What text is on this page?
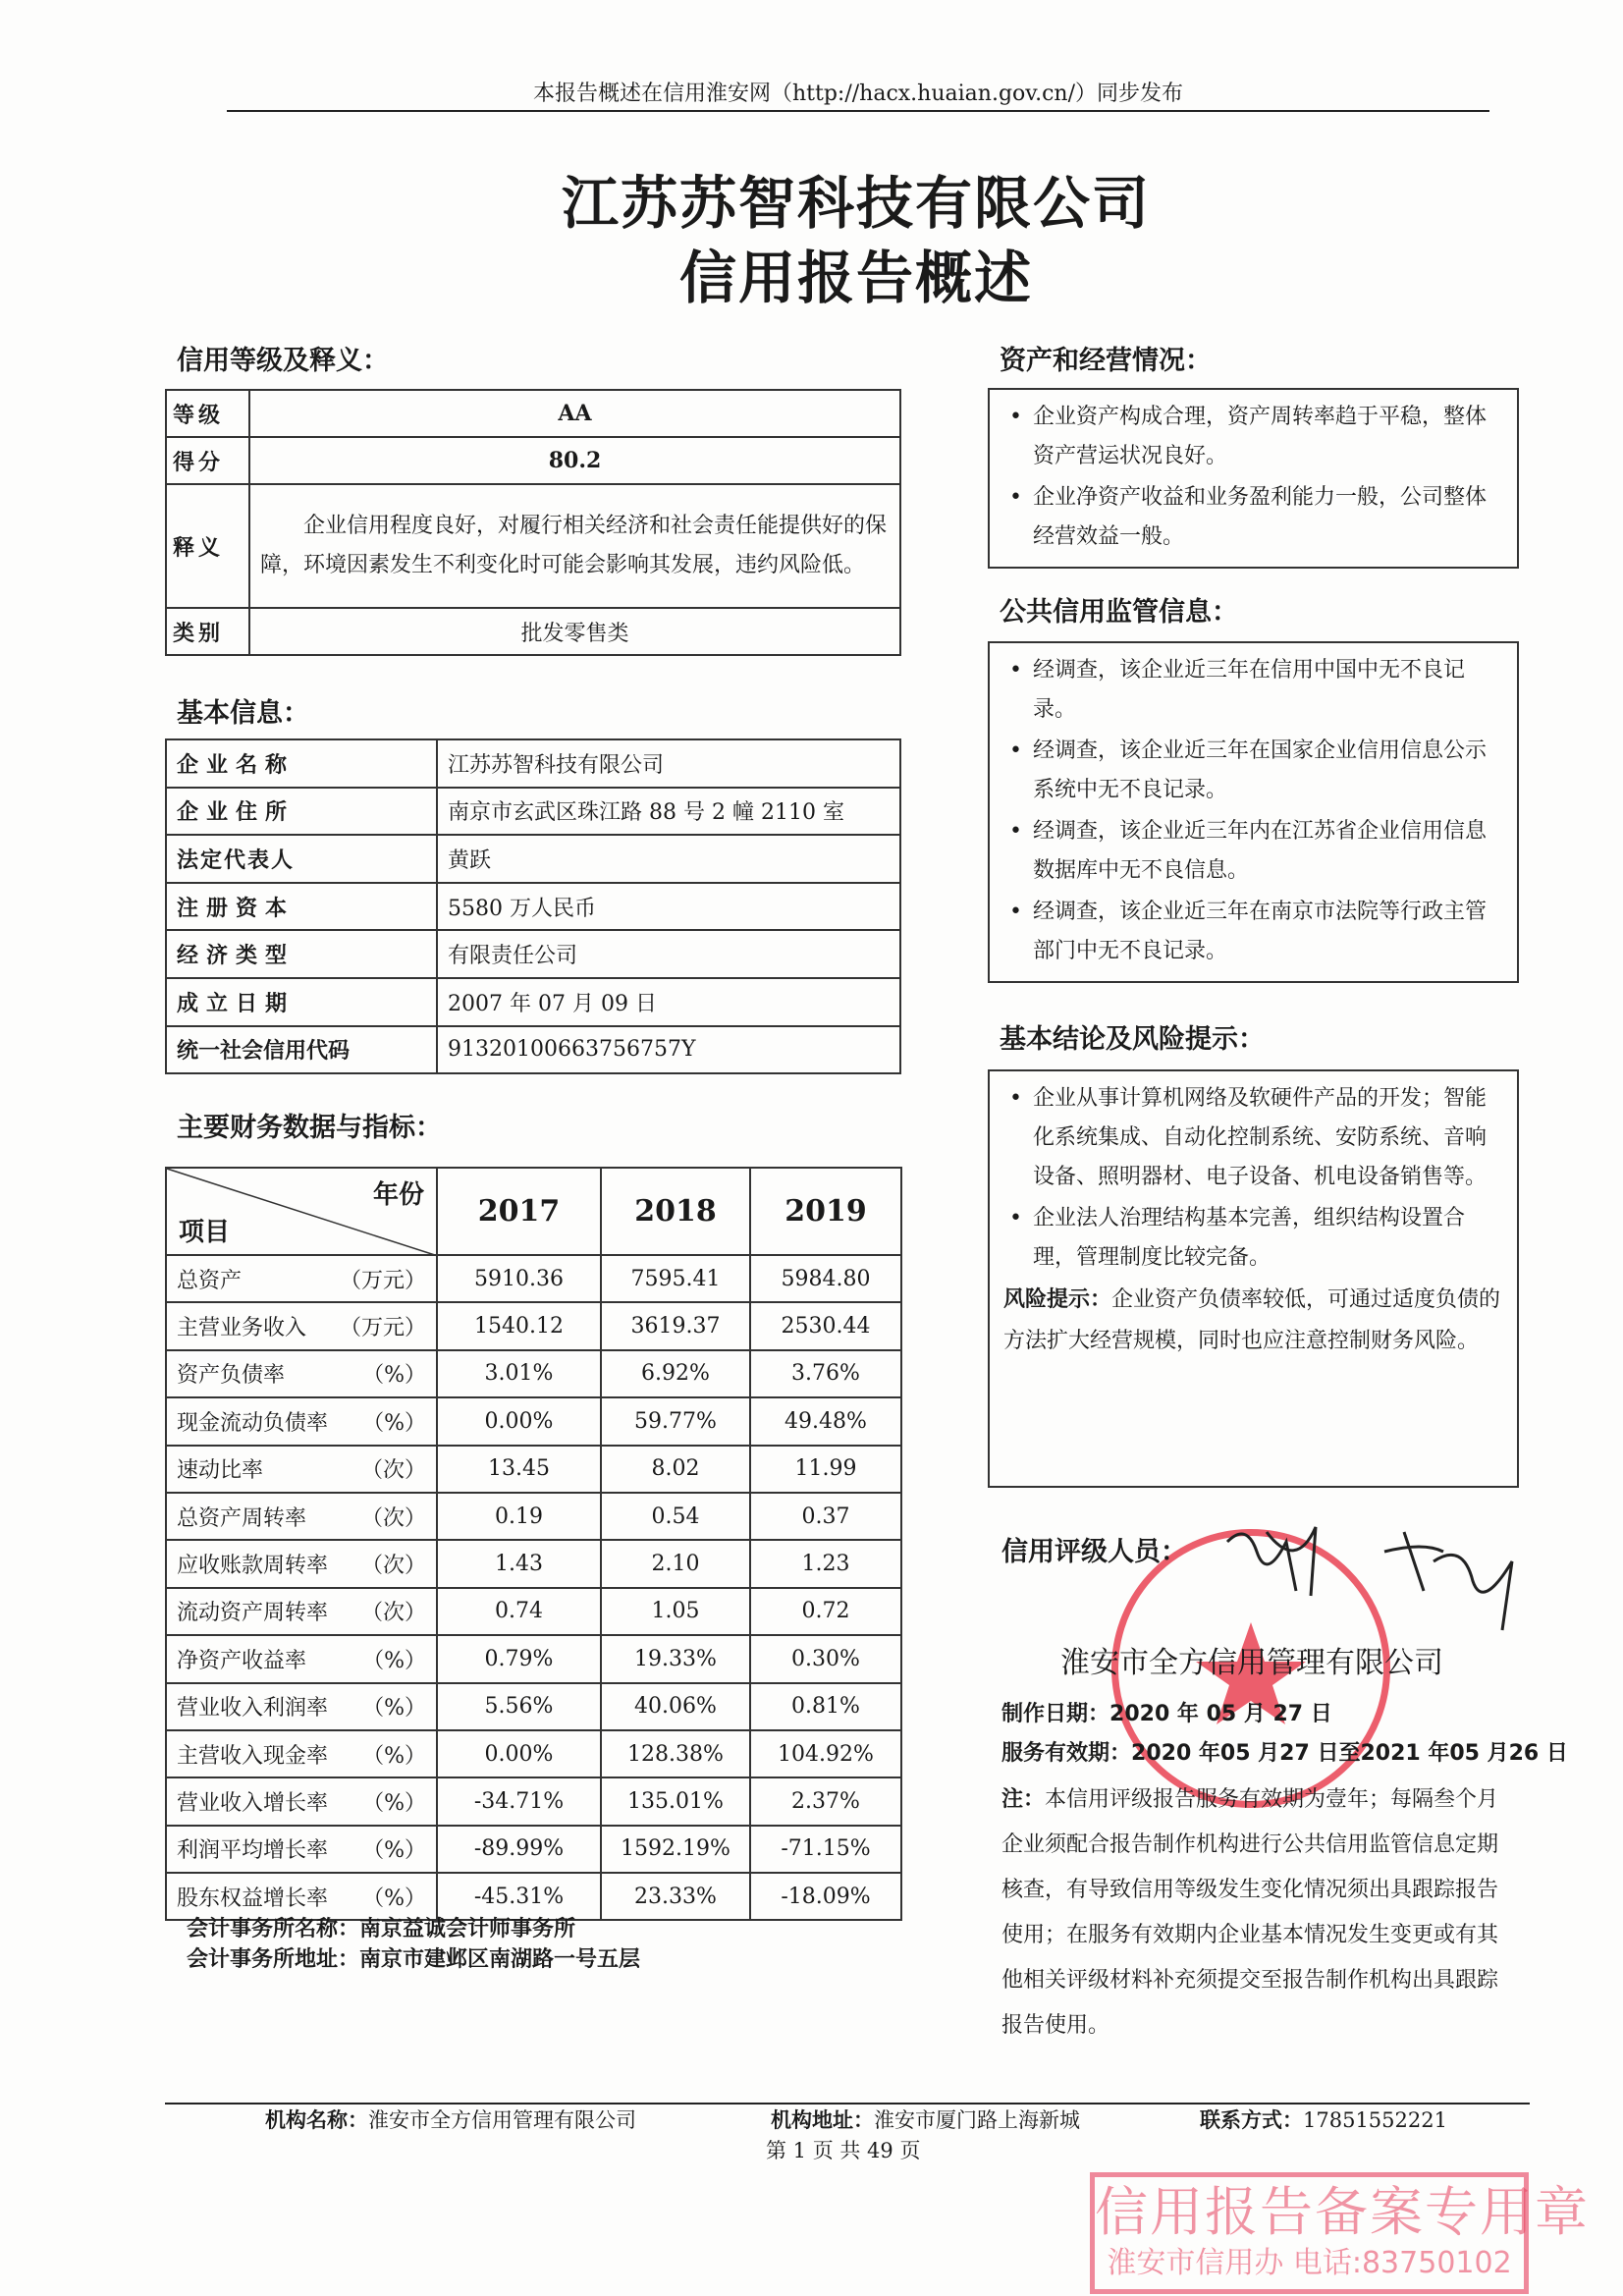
本报告概述在信用淮安网（http://hacx.huaian.gov.cn/）同步发布
江苏苏智科技有限公司
信用报告概述
信用等级及释义：
等级	AA
得分	80.2
释义	企业信用程度良好，对履行相关经济和社会责任能提供好的保障，环境因素发生不利变化时可能会影响其发展，违约风险低。
类别	批发零售类
基本信息：
企业名称	江苏苏智科技有限公司
企业住所	南京市玄武区珠江路 88 号 2 幢 2110 室
法定代表人	黄跃
注册资本	5580 万人民币
经济类型	有限责任公司
成立日期	2007 年 07 月 09 日
统一社会信用代码	91320100663756757Y
主要财务数据与指标：
年份
项目	2017	2018	2019
总资产 （万元）	5910.36	7595.41	5984.80
主营业务收入 （万元）	1540.12	3619.37	2530.44
资产负债率 （%）	3.01%	6.92%	3.76%
现金流动负债率 （%）	0.00%	59.77%	49.48%
速动比率 （次）	13.45	8.02	11.99
总资产周转率 （次）	0.19	0.54	0.37
应收账款周转率 （次）	1.43	2.10	1.23
流动资产周转率 （次）	0.74	1.05	0.72
净资产收益率 （%）	0.79%	19.33%	0.30%
营业收入利润率 （%）	5.56%	40.06%	0.81%
主营收入现金率 （%）	0.00%	128.38%	104.92%
营业收入增长率 （%）	-34.71%	135.01%	2.37%
利润平均增长率 （%）	-89.99%	1592.19%	-71.15%
股东权益增长率 （%）	-45.31%	23.33%	-18.09%
会计事务所名称：南京益诚会计师事务所
会计事务所地址：南京市建邺区南湖路一号五层
资产和经营情况：
• 企业资产构成合理，资产周转率趋于平稳，整体资产营运状况良好。
• 企业净资产收益和业务盈利能力一般，公司整体经营效益一般。
公共信用监管信息：
• 经调查，该企业近三年在信用中国中无不良记录。
• 经调查，该企业近三年在国家企业信用信息公示系统中无不良记录。
• 经调查，该企业近三年内在江苏省企业信用信息数据库中无不良信息。
• 经调查，该企业近三年在南京市法院等行政主管部门中无不良记录。
基本结论及风险提示：
• 企业从事计算机网络及软硬件产品的开发；智能化系统集成、自动化控制系统、安防系统、音响设备、照明器材、电子设备、机电设备销售等。
• 企业法人治理结构基本完善，组织结构设置合理，管理制度比较完备。
风险提示：企业资产负债率较低，可通过适度负债的方法扩大经营规模，同时也应注意控制财务风险。
信用评级人员：
淮安市全方信用管理有限公司
制作日期：2020 年 05 月 27 日
服务有效期：2020 年05 月27 日至2021 年05 月26 日
注：本信用评级报告服务有效期为壹年；每隔叁个月企业须配合报告制作机构进行公共信用监管信息定期核查，有导致信用等级发生变化情况须出具跟踪报告使用；在服务有效期内企业基本情况发生变更或有其他相关评级材料补充须提交至报告制作机构出具跟踪报告使用。
信用报告备案专用章
淮安市信用办 电话:83750102
机构名称：淮安市全方信用管理有限公司	机构地址：淮安市厦门路上海新城	联系方式：17851552221
第 1 页 共 49 页
